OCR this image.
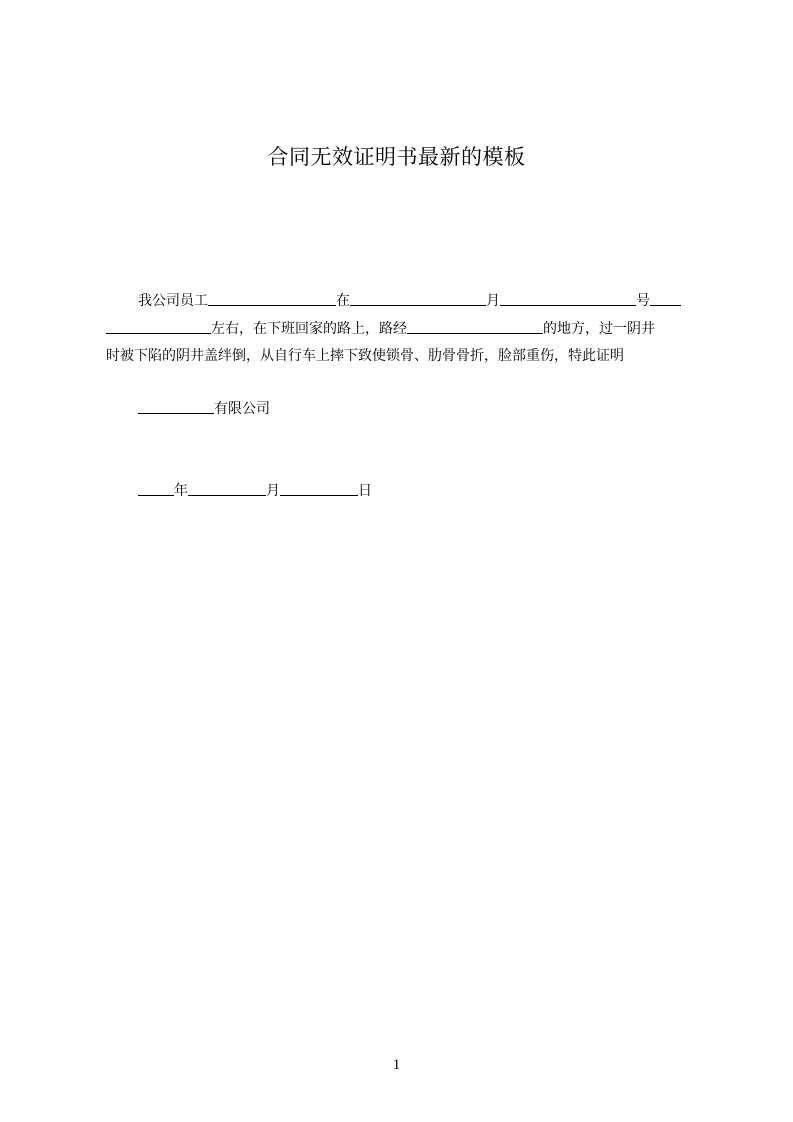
合同无效证明书最新的模板
我公司员工	在	月	号
左右，在下班回家的路上，路经	的地方，过一阴井
时被下陷的阴井盖绊倒，从自行车上摔下致使锁骨、肋骨骨折，脸部重伤，特此证明
有限公司
年	月	日
1
